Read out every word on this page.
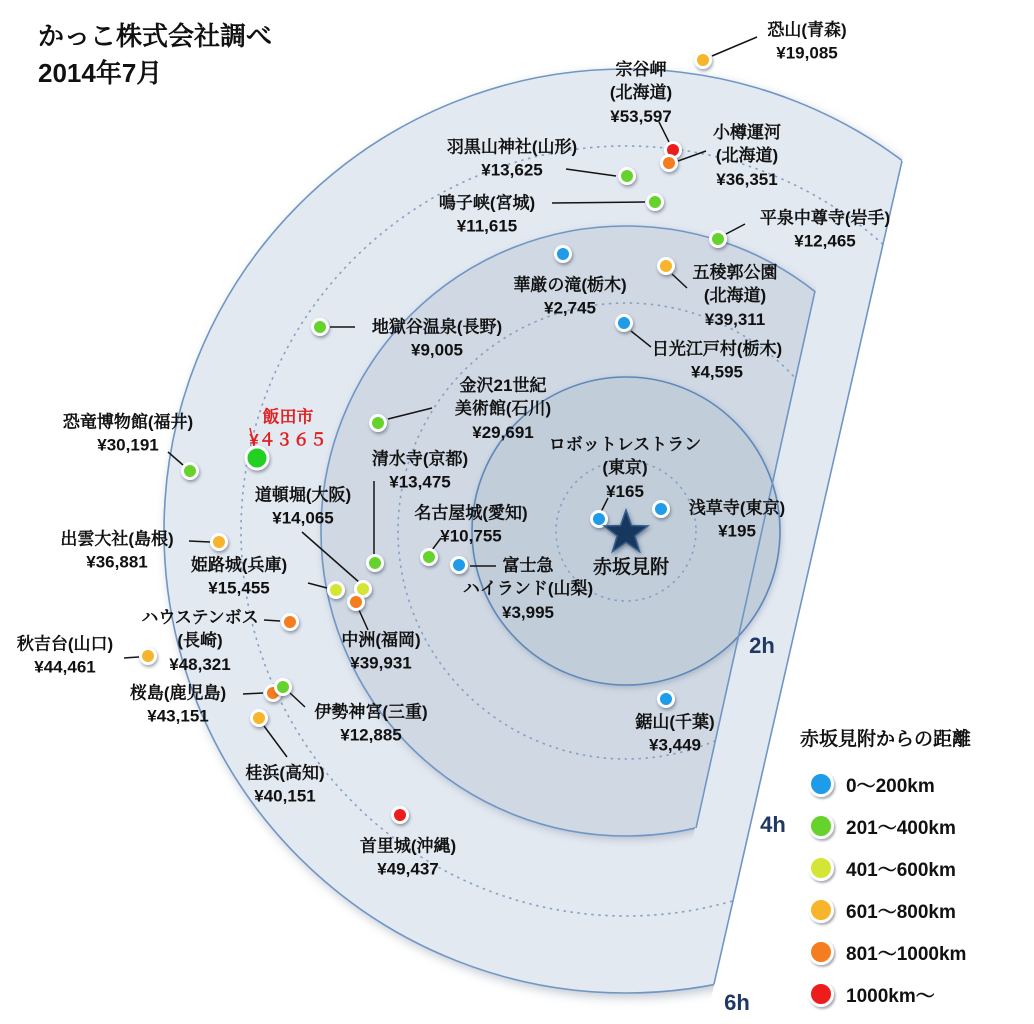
かっこ株式会社調べ
2014年7月
恐山(青森)
¥19,085
宗谷岬
(北海道)
¥53,597
小樽運河
(北海道)
¥36,351
羽黒山神社(山形)
¥13,625
鳴子峡(宮城)
¥11,615	平泉中尊寺(岩手)
¥12,465
華厳の滝(栃木)
¥2,745
五稜郭公園
(北海道)
¥39,311
日光江戸村(栃木)
¥4,595
地獄谷温泉(長野)
¥9,005
金沢21世紀
美術館(石川)
¥29,691
ロボットレストラン
(東京)
¥165
浅草寺(東京)
¥195
恐竜博物館(福井)
¥30,191
飯田市
¥４３６５
清水寺(京都)
¥13,475
道頓堀(大阪)
¥14,065	名古屋城(愛知)
¥10,755
富士急
ハイランド(山梨)
¥3,995
出雲大社(島根)
¥36,881	姫路城(兵庫)
¥15,455
ハウステンボス
(長崎)
¥48,321
秋吉台(山口)
¥44,461
中洲(福岡)
¥39,931
桜島(鹿児島)
¥43,151	伊勢神宮(三重)
¥12,885
桂浜(高知)
¥40,151
首里城(沖縄)
¥49,437
鋸山(千葉)
¥3,449
赤坂見附
2h
4h
6h
赤坂見附からの距離
0〜200km
201〜400km
401〜600km
601〜800km
801〜1000km
1000km〜
